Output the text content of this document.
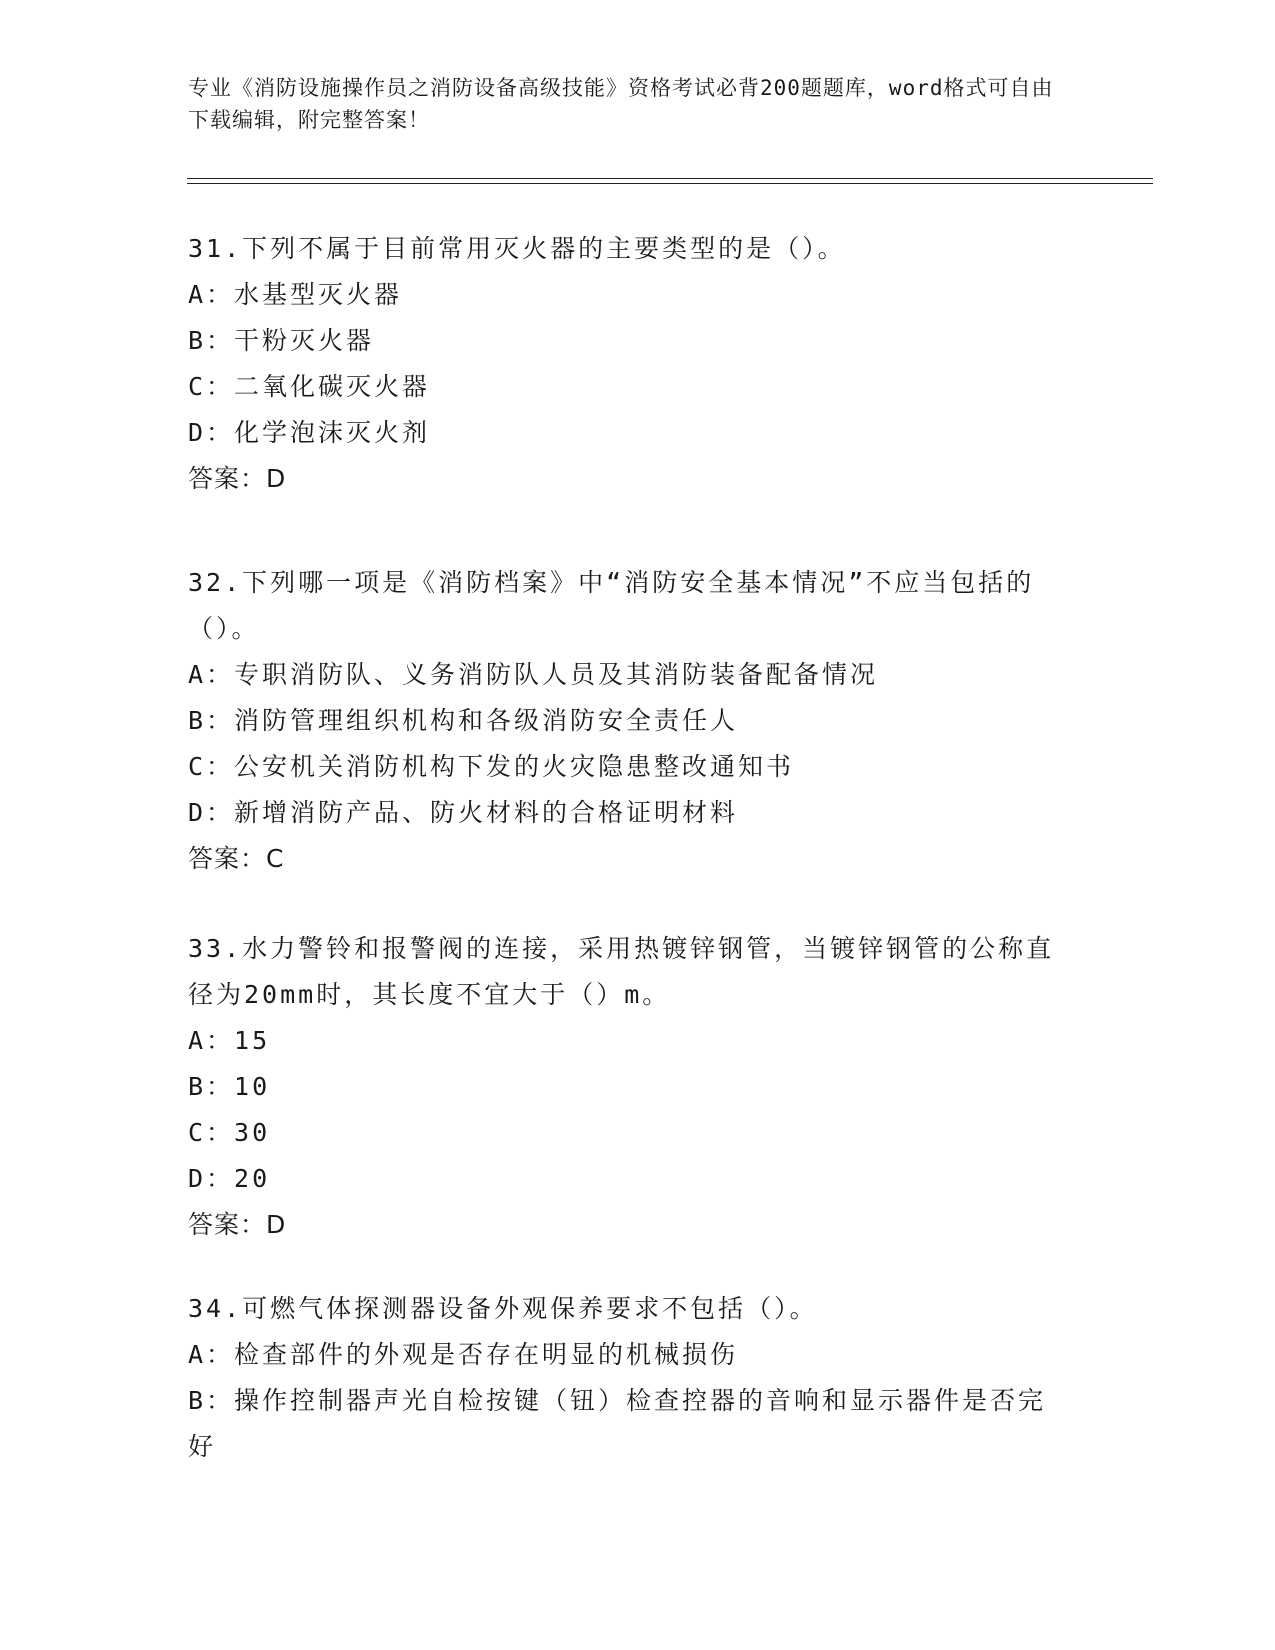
专业《消防设施操作员之消防设备高级技能》资格考试必背200题题库，word格式可自由下载编辑，附完整答案！
31.下列不属于目前常用灭火器的主要类型的是（）。
A：水基型灭火器
B：干粉灭火器
C：二氧化碳灭火器
D：化学泡沫灭火剂
答案：D
32.下列哪一项是《消防档案》中“消防安全基本情况”不应当包括的（）。
A：专职消防队、义务消防队人员及其消防装备配备情况
B：消防管理组织机构和各级消防安全责任人
C：公安机关消防机构下发的火灾隐患整改通知书
D：新增消防产品、防火材料的合格证明材料
答案：C
33.水力警铃和报警阀的连接，采用热镀锌钢管，当镀锌钢管的公称直径为20mm时，其长度不宜大于（）m。
A：15
B：10
C：30
D：20
答案：D
34.可燃气体探测器设备外观保养要求不包括（）。
A：检查部件的外观是否存在明显的机械损伤
B：操作控制器声光自检按键（钮）检查控器的音响和显示器件是否完好
